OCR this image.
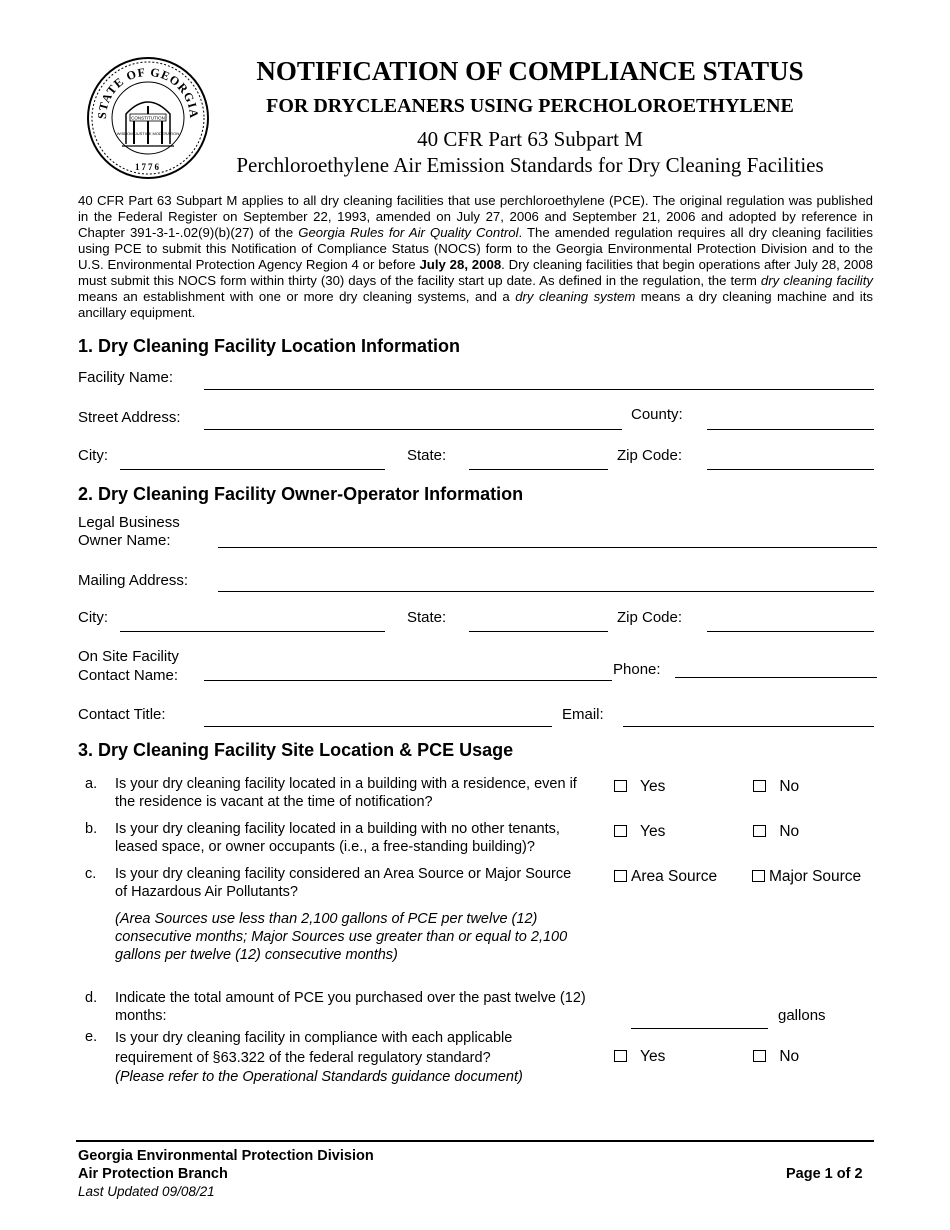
STATE OF GEORGIA
CONSTITUTION
WISDOM JUSTICE MODERATION
1776
NOTIFICATION OF COMPLIANCE STATUS
FOR DRYCLEANERS USING PERCHOLOROETHYLENE
40 CFR Part 63 Subpart M
Perchloroethylene Air Emission Standards for Dry Cleaning Facilities

40 CFR Part 63 Subpart M applies to all dry cleaning facilities that use perchloroethylene (PCE). The original regulation was published in the Federal Register on September 22, 1993, amended on July 27, 2006 and September 21, 2006 and adopted by reference in Chapter 391-3-1-.02(9)(b)(27) of the Georgia Rules for Air Quality Control. The amended regulation requires all dry cleaning facilities using PCE to submit this Notification of Compliance Status (NOCS) form to the Georgia Environmental Protection Division and to the U.S. Environmental Protection Agency Region 4 or before July 28, 2008. Dry cleaning facilities that begin operations after July 28, 2008 must submit this NOCS form within thirty (30) days of the facility start up date. As defined in the regulation, the term dry cleaning facility means an establishment with one or more dry cleaning systems, and a dry cleaning system means a dry cleaning machine and its ancillary equipment.

1. Dry Cleaning Facility Location Information
Facility Name:
Street Address:	County:
City:	State:	Zip Code:
2. Dry Cleaning Facility Owner-Operator Information
Legal Business
Owner Name:
Mailing Address:
City:	State:	Zip Code:
On Site Facility
Contact Name:	Phone:
Contact Title:	Email:
3. Dry Cleaning Facility Site Location & PCE Usage
a. Is your dry cleaning facility located in a building with a residence, even if the residence is vacant at the time of notification?
Yes	No
b. Is your dry cleaning facility located in a building with no other tenants, leased space, or owner occupants (i.e., a free-standing building)?
Yes	No
c. Is your dry cleaning facility considered an Area Source or Major Source of Hazardous Air Pollutants?
Area Source	Major Source
(Area Sources use less than 2,100 gallons of PCE per twelve (12) consecutive months; Major Sources use greater than or equal to 2,100 gallons per twelve (12) consecutive months)
d. Indicate the total amount of PCE you purchased over the past twelve (12) months:	gallons
e. Is your dry cleaning facility in compliance with each applicable requirement of §63.322 of the federal regulatory standard?
(Please refer to the Operational Standards guidance document)
Yes	No
Georgia Environmental Protection Division
Air Protection Branch
Last Updated 09/08/21
Page 1 of 2
